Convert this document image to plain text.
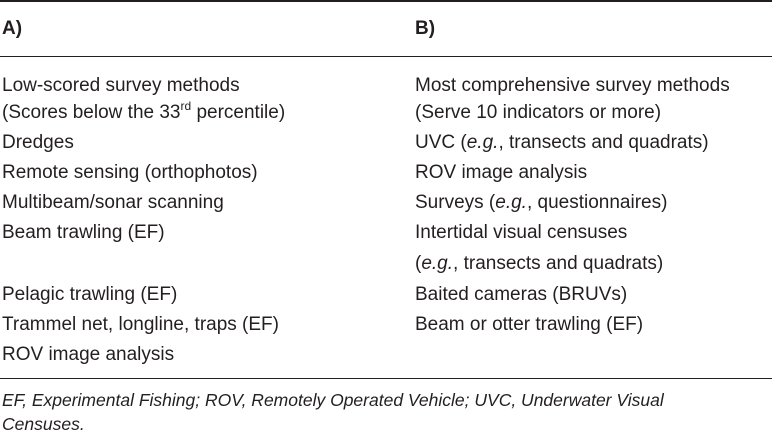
A)	B)
Low-scored survey methods
(Scores below the 33rd percentile)
Dredges
Remote sensing (orthophotos)
Multibeam/sonar scanning
Beam trawling (EF)
Pelagic trawling (EF)
Trammel net, longline, traps (EF)
ROV image analysis
Most comprehensive survey methods
(Serve 10 indicators or more)
UVC (e.g., transects and quadrats)
ROV image analysis
Surveys (e.g., questionnaires)
Intertidal visual censuses
(e.g., transects and quadrats)
Baited cameras (BRUVs)
Beam or otter trawling (EF)
EF, Experimental Fishing; ROV, Remotely Operated Vehicle; UVC, Underwater Visual
Censuses.
